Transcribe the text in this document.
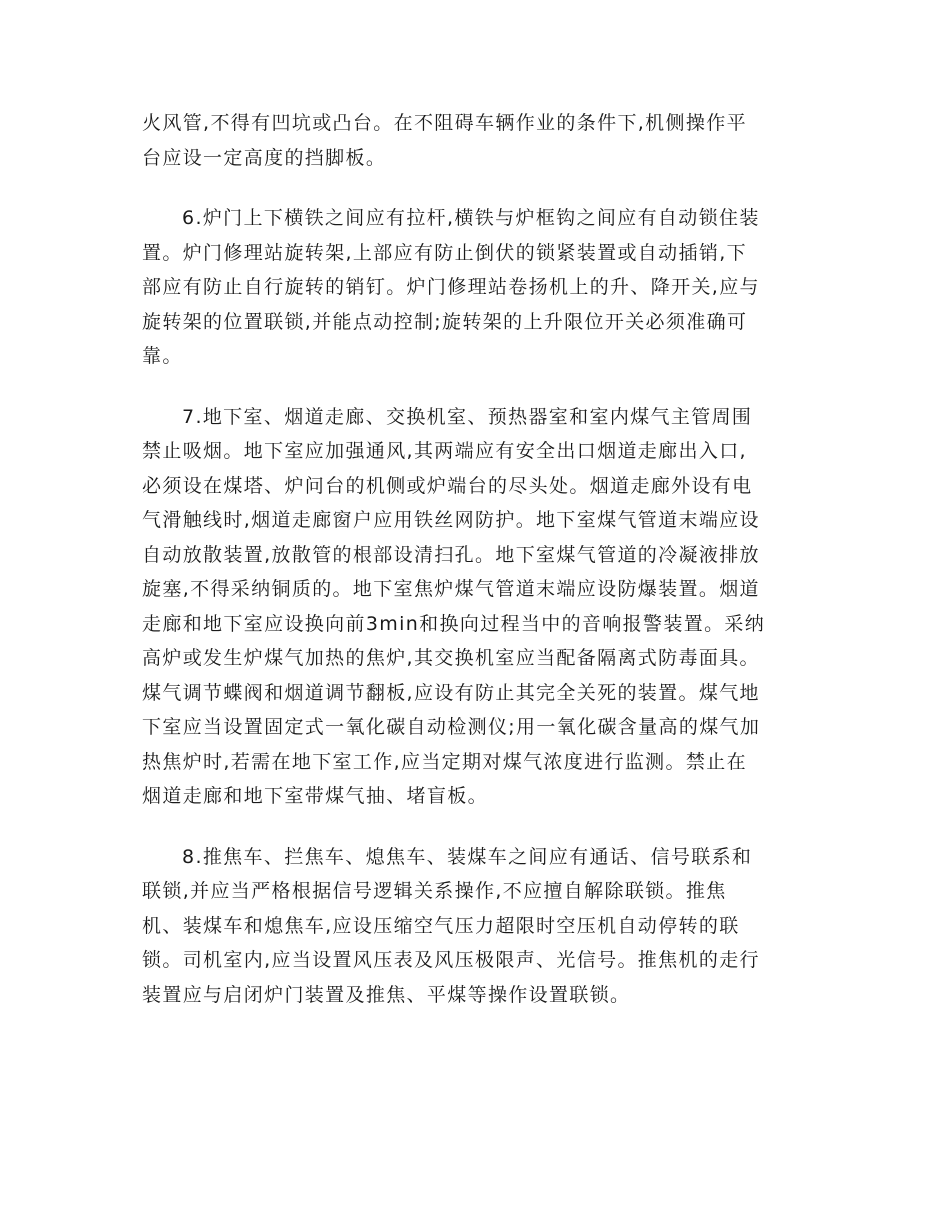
火风管,不得有凹坑或凸台。在不阻碍车辆作业的条件下,机侧操作平
台应设一定高度的挡脚板。
6.炉门上下横铁之间应有拉杆,横铁与炉框钩之间应有自动锁住装
置。炉门修理站旋转架,上部应有防止倒伏的锁紧装置或自动插销,下
部应有防止自行旋转的销钉。炉门修理站卷扬机上的升、降开关,应与
旋转架的位置联锁,并能点动控制;旋转架的上升限位开关必须准确可
靠。
7.地下室、烟道走廊、交换机室、预热器室和室内煤气主管周围
禁止吸烟。地下室应加强通风,其两端应有安全出口烟道走廊出入口,
必须设在煤塔、炉问台的机侧或炉端台的尽头处。烟道走廊外设有电
气滑触线时,烟道走廊窗户应用铁丝网防护。地下室煤气管道末端应设
自动放散装置,放散管的根部设清扫孔。地下室煤气管道的冷凝液排放
旋塞,不得采纳铜质的。地下室焦炉煤气管道末端应设防爆装置。烟道
走廊和地下室应设换向前3min和换向过程当中的音响报警装置。采纳
高炉或发生炉煤气加热的焦炉,其交换机室应当配备隔离式防毒面具。
煤气调节蝶阀和烟道调节翻板,应设有防止其完全关死的装置。煤气地
下室应当设置固定式一氧化碳自动检测仪;用一氧化碳含量高的煤气加
热焦炉时,若需在地下室工作,应当定期对煤气浓度进行监测。禁止在
烟道走廊和地下室带煤气抽、堵盲板。
8.推焦车、拦焦车、熄焦车、装煤车之间应有通话、信号联系和
联锁,并应当严格根据信号逻辑关系操作,不应擅自解除联锁。推焦
机、装煤车和熄焦车,应设压缩空气压力超限时空压机自动停转的联
锁。司机室内,应当设置风压表及风压极限声、光信号。推焦机的走行
装置应与启闭炉门装置及推焦、平煤等操作设置联锁。
